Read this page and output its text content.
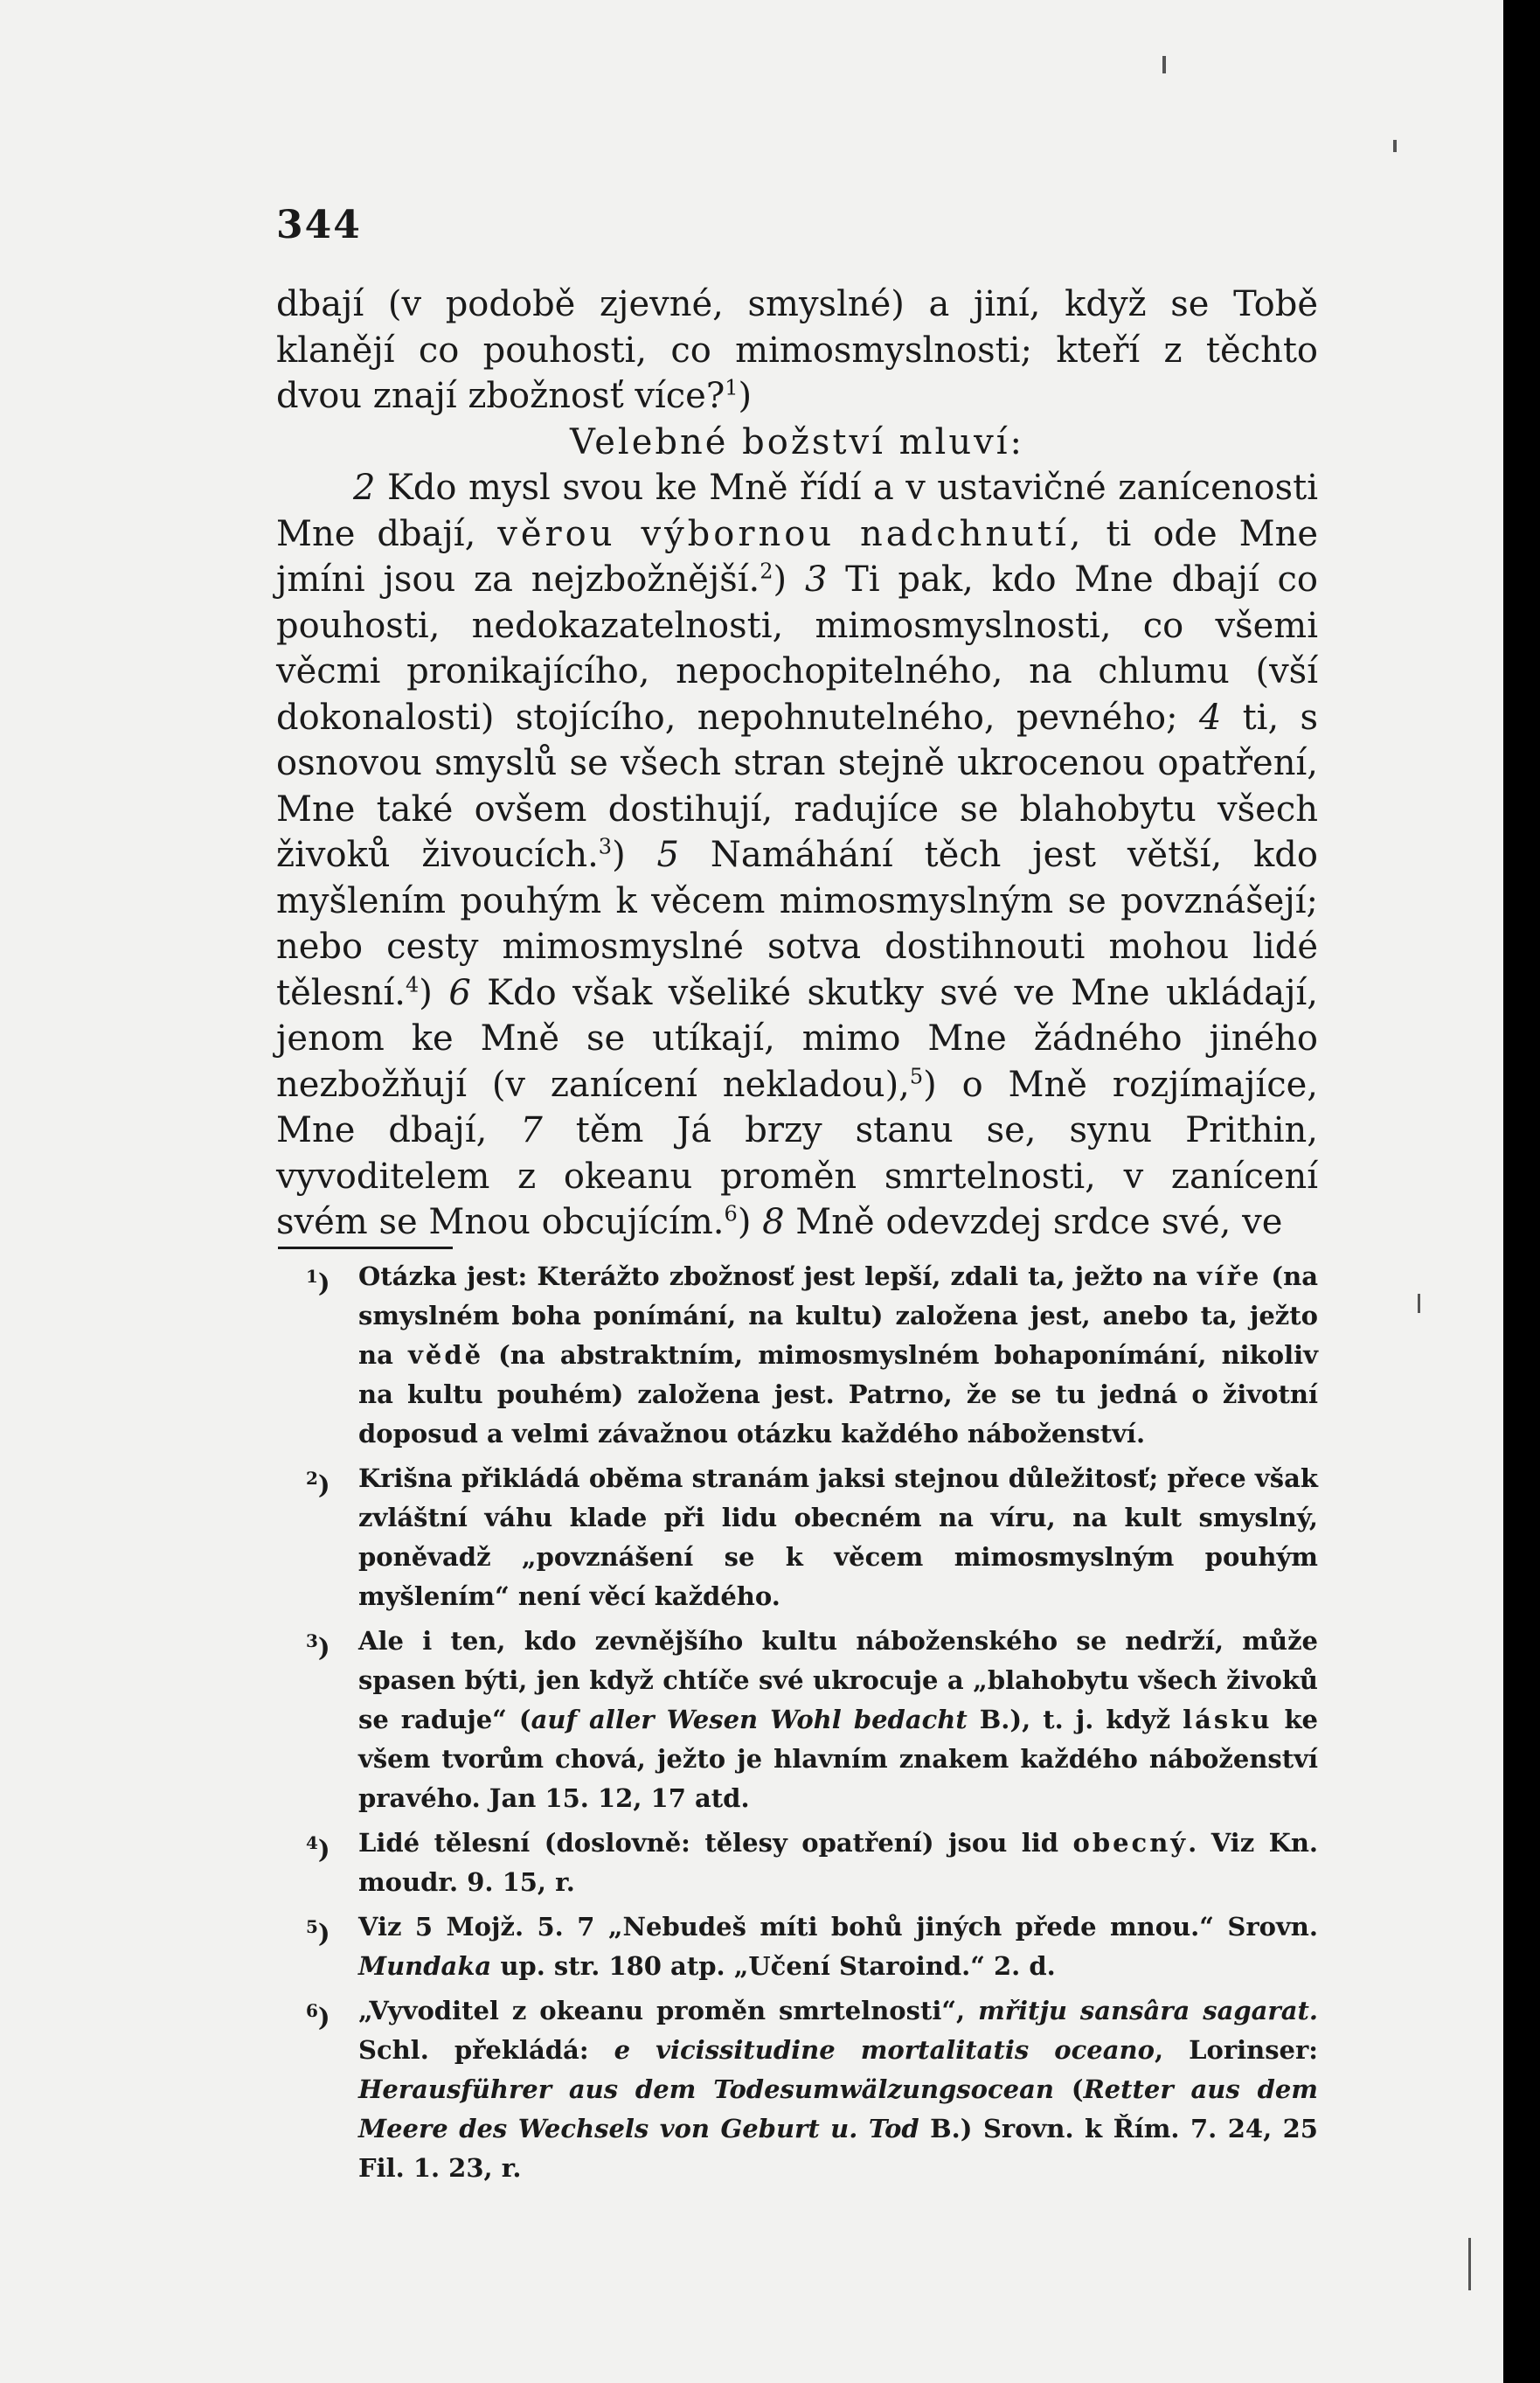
344

dbají (v podobě zjevné, smyslné) a jiní, když se Tobě klanějí co pouhosti, co mimosmyslnosti; kteří z těchto dvou znají zbožnosť více?$^1$)

Velebné božství mluví:

2 Kdo mysl svou ke Mně řídí a v ustavičné zanícenosti Mne dbají, věrou výbornou nadchnutí, ti ode Mne jmíni jsou za nejzbožnější.$^2$) 3 Ti pak, kdo Mne dbají co pouhosti, nedokazatelnosti, mimosmyslnosti, co všemi věcmi pronikajícího, nepochopitelného, na chlumu (vší dokonalosti) stojícího, nepohnutelného, pevného; 4 ti, s osnovou smyslů se všech stran stejně ukrocenou opatření, Mne také ovšem dostihují, radujíce se blahobytu všech živoků živoucích.$^3$) 5 Namáhání těch jest větší, kdo myšlením pouhým k věcem mimosmyslným se povznášejí; nebo cesty mimosmyslné sotva dostihnouti mohou lidé tělesní.$^4$) 6 Kdo však všeliké skutky své ve Mne ukládají, jenom ke Mně se utíkají, mimo Mne žádného jiného nezbožňují (v zanícení nekladou),$^5$) o Mně rozjímajíce, Mne dbají, 7 těm Já brzy stanu se, synu Prithin, vyvoditelem z okeanu proměn smrtelnosti, v zanícení svém se Mnou obcujícím.$^6$) 8 Mně odevzdej srdce své, ve

$^1$) Otázka jest: Kterážto zbožnosť jest lepší, zdali ta, ježto na víře (na smyslném boha ponímání, na kultu) založena jest, anebo ta, ježto na vědě (na abstraktním, mimosmyslném bohaponímání, nikoliv na kultu pouhém) založena jest. Patrno, že se tu jedná o životní doposud a velmi závažnou otázku každého náboženství.

$^2$) Krišna přikládá oběma stranám jaksi stejnou důležitosť; přece však zvláštní váhu klade při lidu obecném na víru, na kult smyslný, poněvadž „povznášení se k věcem mimosmyslným pouhým myšlením“ není věcí každého.

$^3$) Ale i ten, kdo zevnějšího kultu náboženského se nedrží, může spasen býti, jen když chtíče své ukrocuje a „blahobytu všech živoků se raduje“ (auf aller Wesen Wohl bedacht B.), t. j. když lásku ke všem tvorům chová, ježto je hlavním znakem každého náboženství pravého. Jan 15. 12, 17 atd.

$^4$) Lidé tělesní (doslovně: tělesy opatření) jsou lid obecný. Viz Kn. moudr. 9. 15, r.

$^5$) Viz 5 Mojž. 5. 7 „Nebudeš míti bohů jiných přede mnou.“ Srovn. Mundaka up. str. 180 atp. „Učení Staroind.“ 2. d.

$^6$) „Vyvoditel z okeanu proměn smrtelnosti“, mřitju sansâra sagarat. Schl. překládá: e vicissitudine mortalitatis oceano, Lorinser: Herausführer aus dem Todesumwälzungsocean (Retter aus dem Meere des Wechsels von Geburt u. Tod B.) Srovn. k Řím. 7. 24, 25 Fil. 1. 23, r.
